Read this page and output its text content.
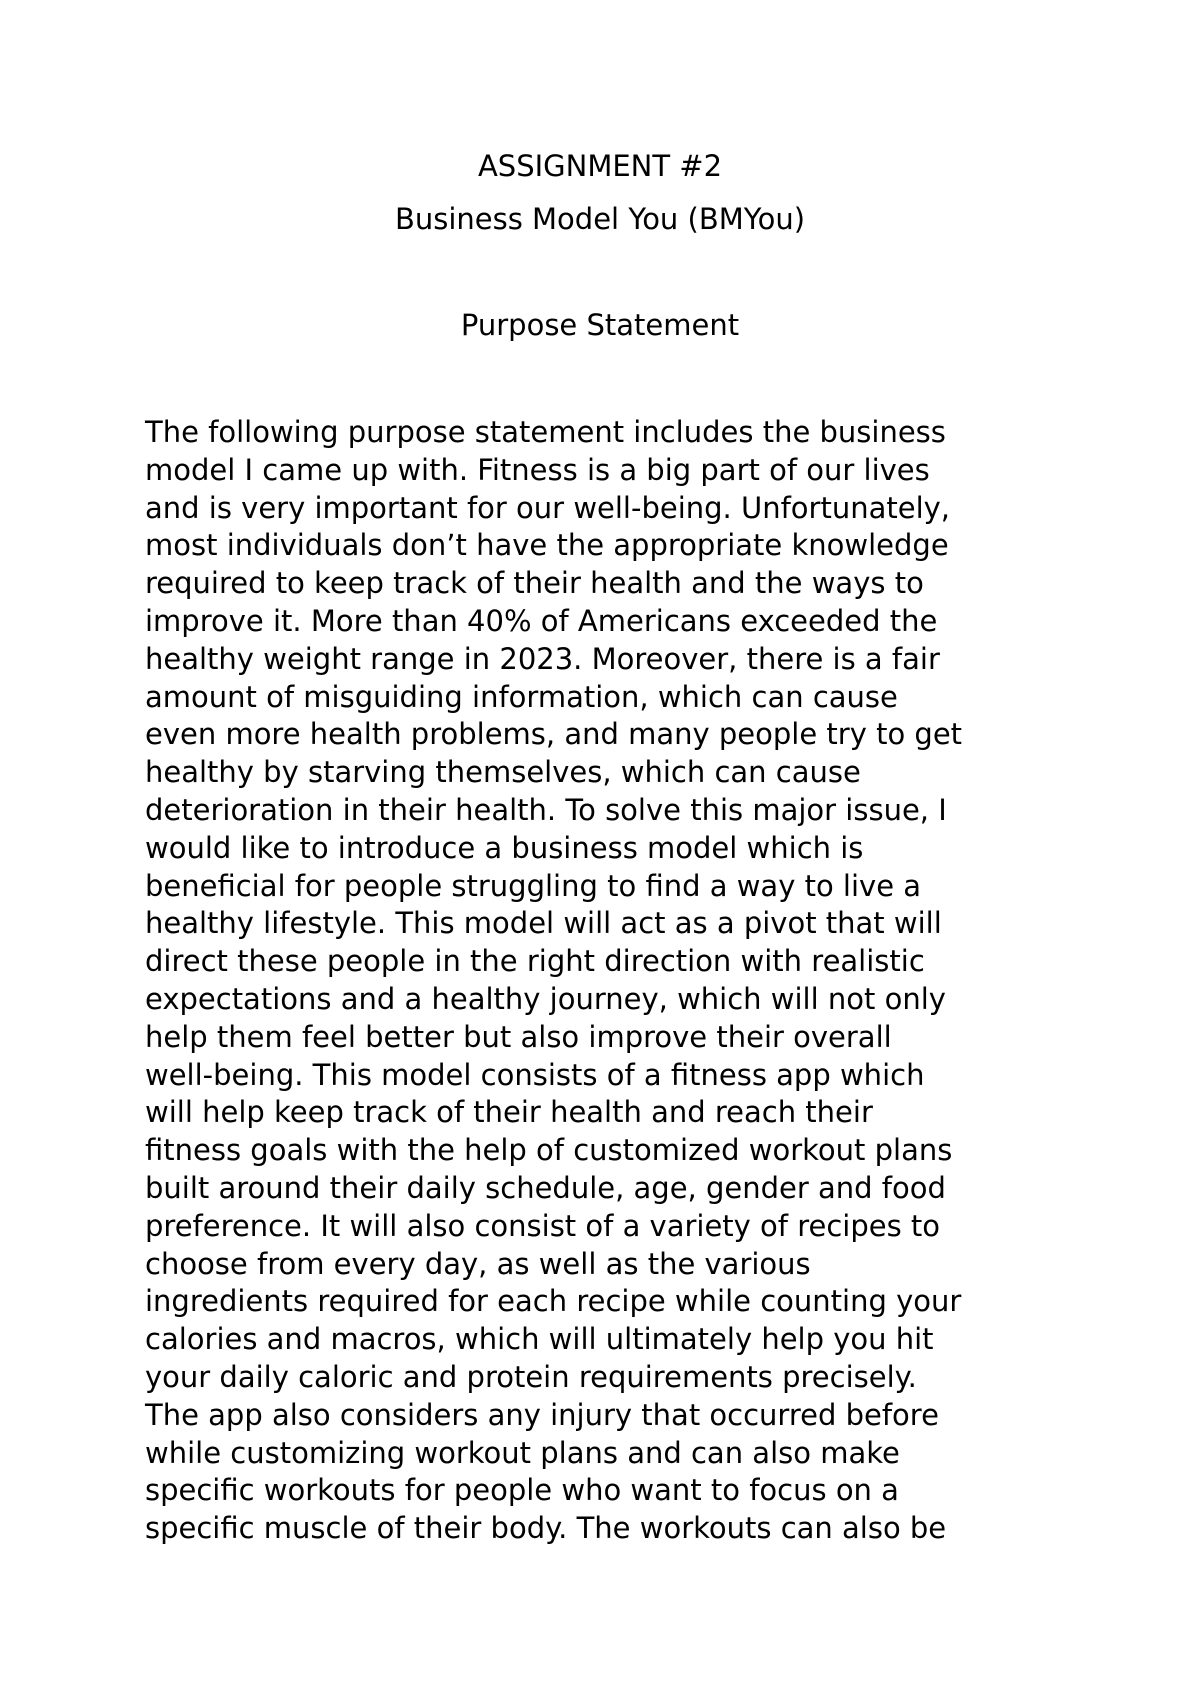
ASSIGNMENT #2
Business Model You (BMYou)
Purpose Statement
The following purpose statement includes the business
model I came up with. Fitness is a big part of our lives
and is very important for our well-being. Unfortunately,
most individuals don’t have the appropriate knowledge
required to keep track of their health and the ways to
improve it. More than 40% of Americans exceeded the
healthy weight range in 2023. Moreover, there is a fair
amount of misguiding information, which can cause
even more health problems, and many people try to get
healthy by starving themselves, which can cause
deterioration in their health. To solve this major issue, I
would like to introduce a business model which is
beneficial for people struggling to find a way to live a
healthy lifestyle. This model will act as a pivot that will
direct these people in the right direction with realistic
expectations and a healthy journey, which will not only
help them feel better but also improve their overall
well-being. This model consists of a fitness app which
will help keep track of their health and reach their
fitness goals with the help of customized workout plans
built around their daily schedule, age, gender and food
preference. It will also consist of a variety of recipes to
choose from every day, as well as the various
ingredients required for each recipe while counting your
calories and macros, which will ultimately help you hit
your daily caloric and protein requirements precisely.
The app also considers any injury that occurred before
while customizing workout plans and can also make
specific workouts for people who want to focus on a
specific muscle of their body. The workouts can also be
